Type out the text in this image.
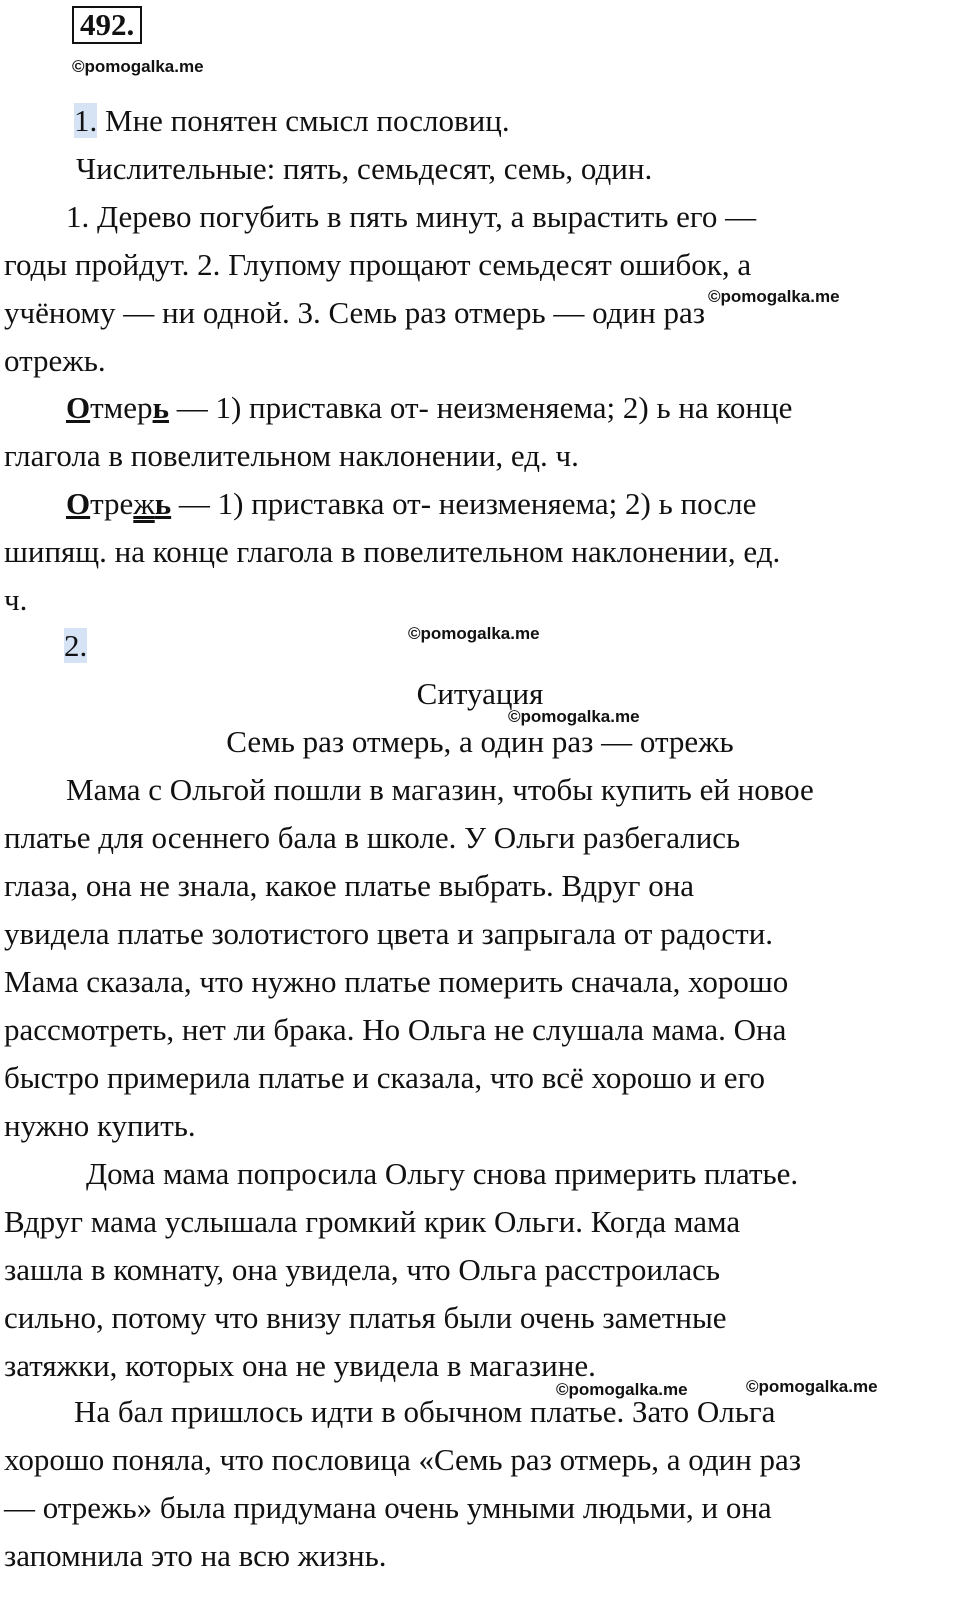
492.
©pomogalka.me
1. Мне понятен смысл пословиц.
Числительные: пять, семьдесят, семь, один.
1. Дерево погубить в пять минут, а вырастить его —
годы пройдут. 2. Глупому прощают семьдесят ошибок, а
учёному — ни одной. 3. Семь раз отмерь — один раз ©pomogalka.me
отрежь.
Отмерь — 1) приставка от- неизменяема; 2) ь на конце
глагола в повелительном наклонении, ед. ч.
Отрежь — 1) приставка от- неизменяема; 2) ь после
шипящ. на конце глагола в повелительном наклонении, ед.
ч.
2.	©pomogalka.me
Ситуация
©pomogalka.me
Семь раз отмерь, а один раз — отрежь
Мама с Ольгой пошли в магазин, чтобы купить ей новое
платье для осеннего бала в школе. У Ольги разбегались
глаза, она не знала, какое платье выбрать. Вдруг она
увидела платье золотистого цвета и запрыгала от радости.
Мама сказала, что нужно платье померить сначала, хорошо
рассмотреть, нет ли брака. Но Ольга не слушала мама. Она
быстро примерила платье и сказала, что всё хорошо и его
нужно купить.
Дома мама попросила Ольгу снова примерить платье.
Вдруг мама услышала громкий крик Ольги. Когда мама
зашла в комнату, она увидела, что Ольга расстроилась
сильно, потому что внизу платья были очень заметные
затяжки, которых она не увидела в магазине.
©pomogalka.me	©pomogalka.me
На бал пришлось идти в обычном платье. Зато Ольга
хорошо поняла, что пословица «Семь раз отмерь, а один раз
— отрежь» была придумана очень умными людьми, и она
запомнила это на всю жизнь.
